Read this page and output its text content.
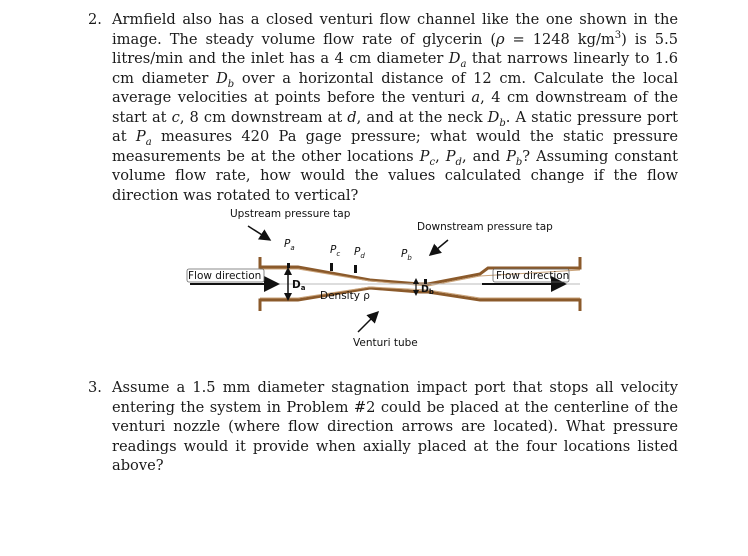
2. Armfield also has a closed venturi flow channel like the one shown in the image. The steady volume flow rate of glycerin (ρ = 1248 $kg/m^3$) is 5.5 litres/min and the inlet has a 4 cm diameter $D_a$ that narrows linearly to 1.6 cm diameter $D_b$ over a horizontal distance of 12 cm. Calculate the local average velocities at points before the venturi a, 4 cm downstream of the start at c, 8 cm downstream at d, and at the neck $D_b$. A static pressure port at $P_a$ measures 420 Pa gage pressure; what would the static pressure measurements be at the other locations $P_c$, $P_d$, and $P_b$? Assuming constant volume flow rate, how would the values calculated change if the flow direction was rotated to vertical?
Upstream pressure tap
Downstream pressure tap
Flow direction	Flow direction
Density ρ
Venturi tube
$P_a$	$P_c$ $P_d$	$P_b$
Da	$D_b$
3. Assume a 1.5 mm diameter stagnation impact port that stops all velocity entering the system in Problem #2 could be placed at the centerline of the venturi nozzle (where flow direction arrows are located). What pressure readings would it provide when axially placed at the four locations listed above?
